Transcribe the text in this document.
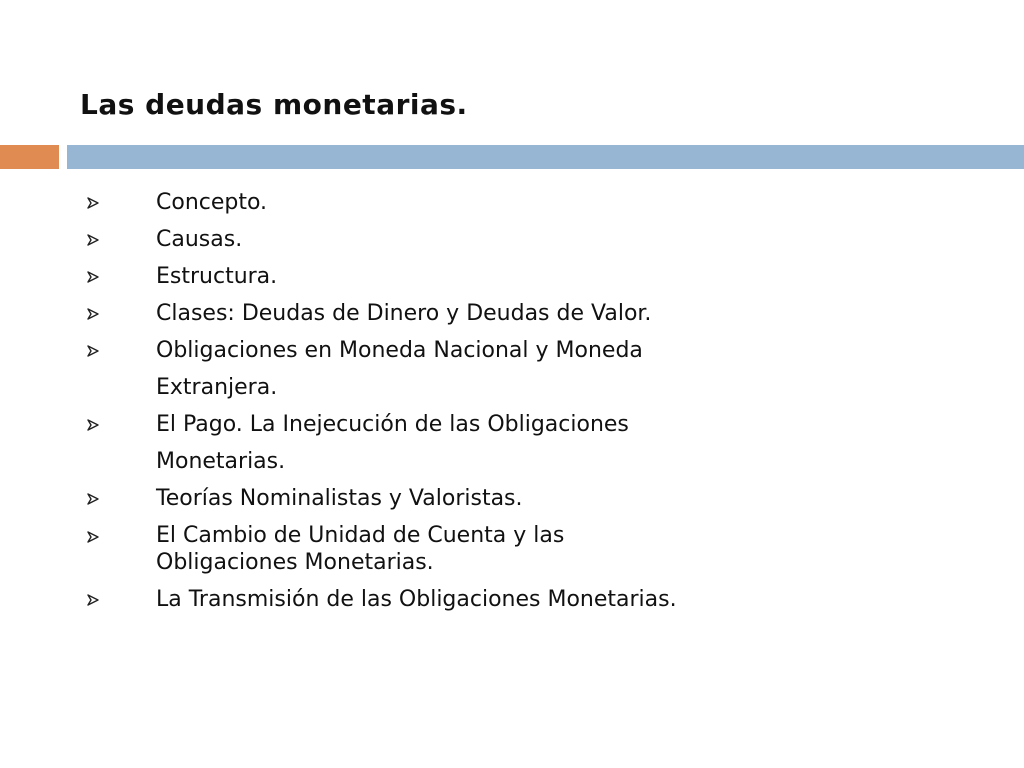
Las deudas monetarias.
Concepto.
Causas.
Estructura.
Clases: Deudas de Dinero y Deudas de Valor.
Obligaciones en Moneda Nacional y Moneda
Extranjera.
El Pago. La Inejecución de las Obligaciones
Monetarias.
Teorías Nominalistas y Valoristas.
El Cambio de Unidad de Cuenta y las
Obligaciones Monetarias.
La Transmisión de las Obligaciones Monetarias.
